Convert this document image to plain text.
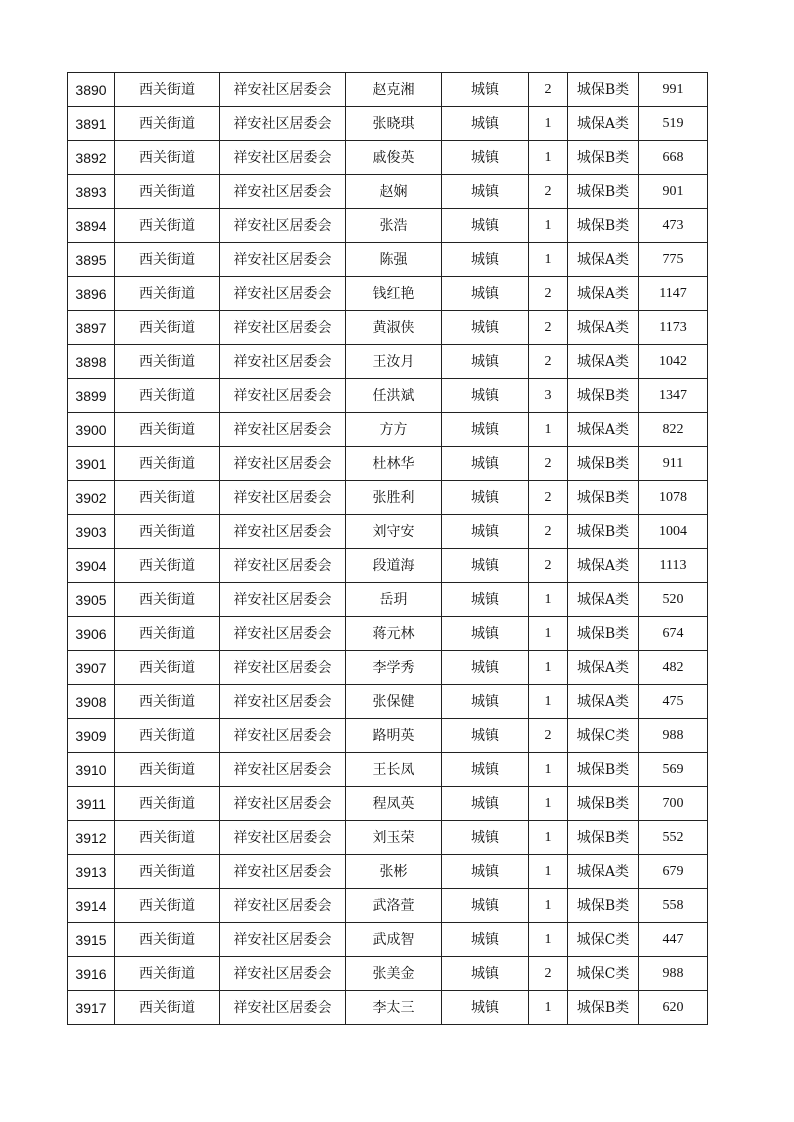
3890	西关街道	祥安社区居委会	赵克湘	城镇	2	城保B类	991
3891	西关街道	祥安社区居委会	张晓琪	城镇	1	城保A类	519
3892	西关街道	祥安社区居委会	戚俊英	城镇	1	城保B类	668
3893	西关街道	祥安社区居委会	赵娴	城镇	2	城保B类	901
3894	西关街道	祥安社区居委会	张浩	城镇	1	城保B类	473
3895	西关街道	祥安社区居委会	陈强	城镇	1	城保A类	775
3896	西关街道	祥安社区居委会	钱红艳	城镇	2	城保A类	1147
3897	西关街道	祥安社区居委会	黄淑侠	城镇	2	城保A类	1173
3898	西关街道	祥安社区居委会	王汝月	城镇	2	城保A类	1042
3899	西关街道	祥安社区居委会	任洪斌	城镇	3	城保B类	1347
3900	西关街道	祥安社区居委会	方方	城镇	1	城保A类	822
3901	西关街道	祥安社区居委会	杜林华	城镇	2	城保B类	911
3902	西关街道	祥安社区居委会	张胜利	城镇	2	城保B类	1078
3903	西关街道	祥安社区居委会	刘守安	城镇	2	城保B类	1004
3904	西关街道	祥安社区居委会	段道海	城镇	2	城保A类	1113
3905	西关街道	祥安社区居委会	岳玥	城镇	1	城保A类	520
3906	西关街道	祥安社区居委会	蒋元林	城镇	1	城保B类	674
3907	西关街道	祥安社区居委会	李学秀	城镇	1	城保A类	482
3908	西关街道	祥安社区居委会	张保健	城镇	1	城保A类	475
3909	西关街道	祥安社区居委会	路明英	城镇	2	城保C类	988
3910	西关街道	祥安社区居委会	王长凤	城镇	1	城保B类	569
3911	西关街道	祥安社区居委会	程凤英	城镇	1	城保B类	700
3912	西关街道	祥安社区居委会	刘玉荣	城镇	1	城保B类	552
3913	西关街道	祥安社区居委会	张彬	城镇	1	城保A类	679
3914	西关街道	祥安社区居委会	武洛萱	城镇	1	城保B类	558
3915	西关街道	祥安社区居委会	武成智	城镇	1	城保C类	447
3916	西关街道	祥安社区居委会	张美金	城镇	2	城保C类	988
3917	西关街道	祥安社区居委会	李太三	城镇	1	城保B类	620
